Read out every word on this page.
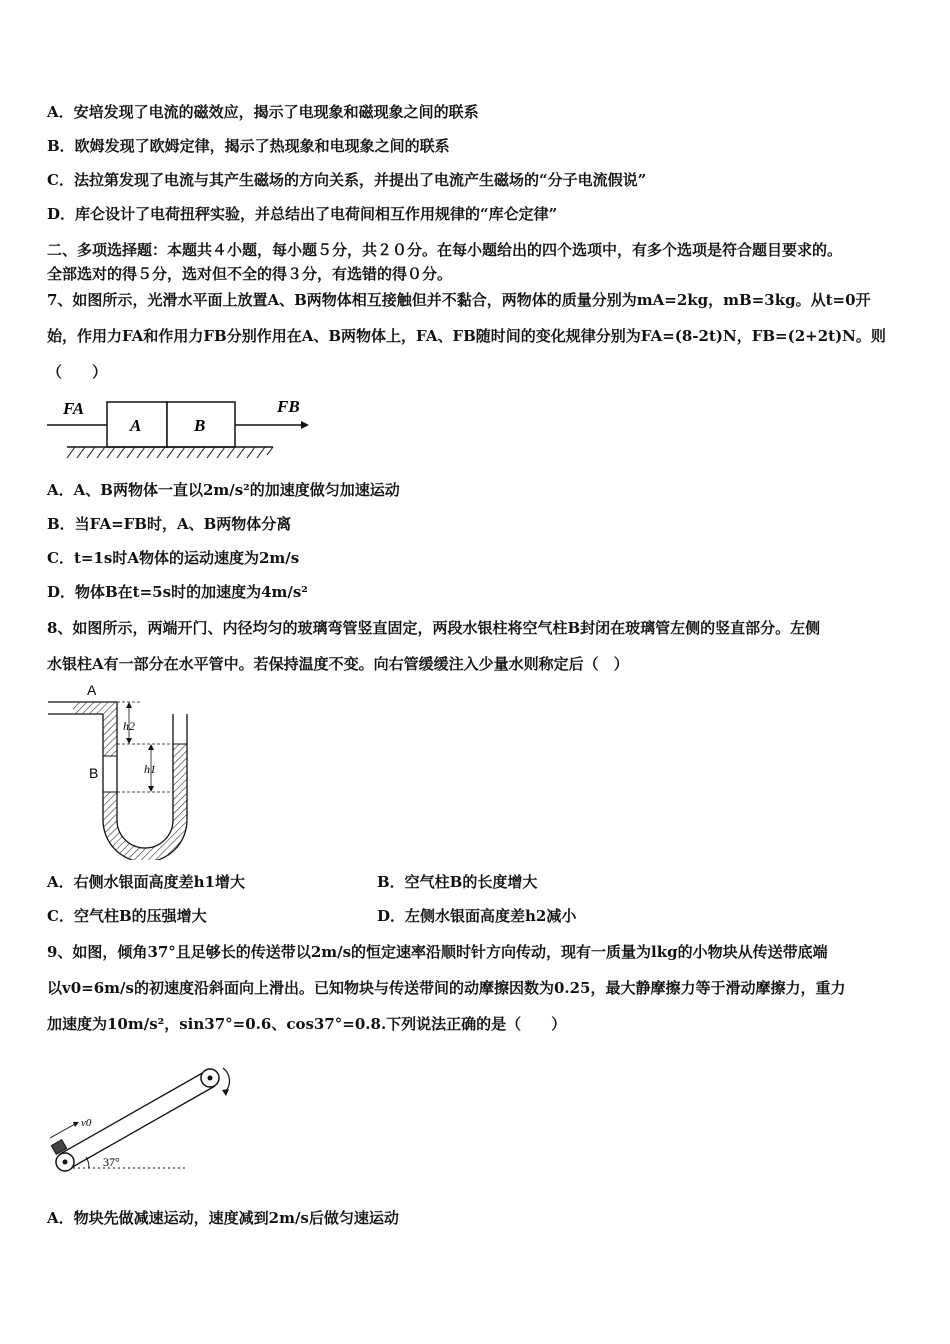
A．安培发现了电流的磁效应，揭示了电现象和磁现象之间的联系
B．欧姆发现了欧姆定律，揭示了热现象和电现象之间的联系
C．法拉第发现了电流与其产生磁场的方向关系，并提出了电流产生磁场的“分子电流假说”
D．库仑设计了电荷扭秤实验，并总结出了电荷间相互作用规律的“库仑定律”
二、多项选择题：本题共４小题，每小题５分，共２０分。在每小题给出的四个选项中，有多个选项是符合题目要求的。
全部选对的得５分，选对但不全的得３分，有选错的得０分。
7、如图所示，光滑水平面上放置A、B两物体相互接触但并不黏合，两物体的质量分别为mA=2kg，mB=3kg。从t=0开
始，作用力FA和作用力FB分别作用在A、B两物体上，FA、FB随时间的变化规律分别为FA=(8-2t)N，FB=(2+2t)N。则
（　　）
FA
A	B
FB
A．A、B两物体一直以2m/s²的加速度做匀加速运动
B．当FA=FB时，A、B两物体分离
C．t=1s时A物体的运动速度为2m/s
D．物体B在t=5s时的加速度为4m/s²
8、如图所示，两端开门、内径均匀的玻璃弯管竖直固定，两段水银柱将空气柱B封闭在玻璃管左侧的竖直部分。左侧
水银柱A有一部分在水平管中。若保持温度不变。向右管缓缓注入少量水则称定后（　）
A
B
h2
h1
A．右侧水银面高度差h1增大	B．空气柱B的长度增大
C．空气柱B的压强增大	D．左侧水银面高度差h2减小
9、如图，倾角37°且足够长的传送带以2m/s的恒定速率沿顺时针方向传动，现有一质量为lkg的小物块从传送带底端
以v0=6m/s的初速度沿斜面向上滑出。已知物块与传送带间的动摩擦因数为0.25，最大静摩擦力等于滑动摩擦力，重力
加速度为10m/s²，sin37°=0.6、cos37°=0.8.下列说法正确的是（　　）
v0
37°
A．物块先做减速运动，速度减到2m/s后做匀速运动
